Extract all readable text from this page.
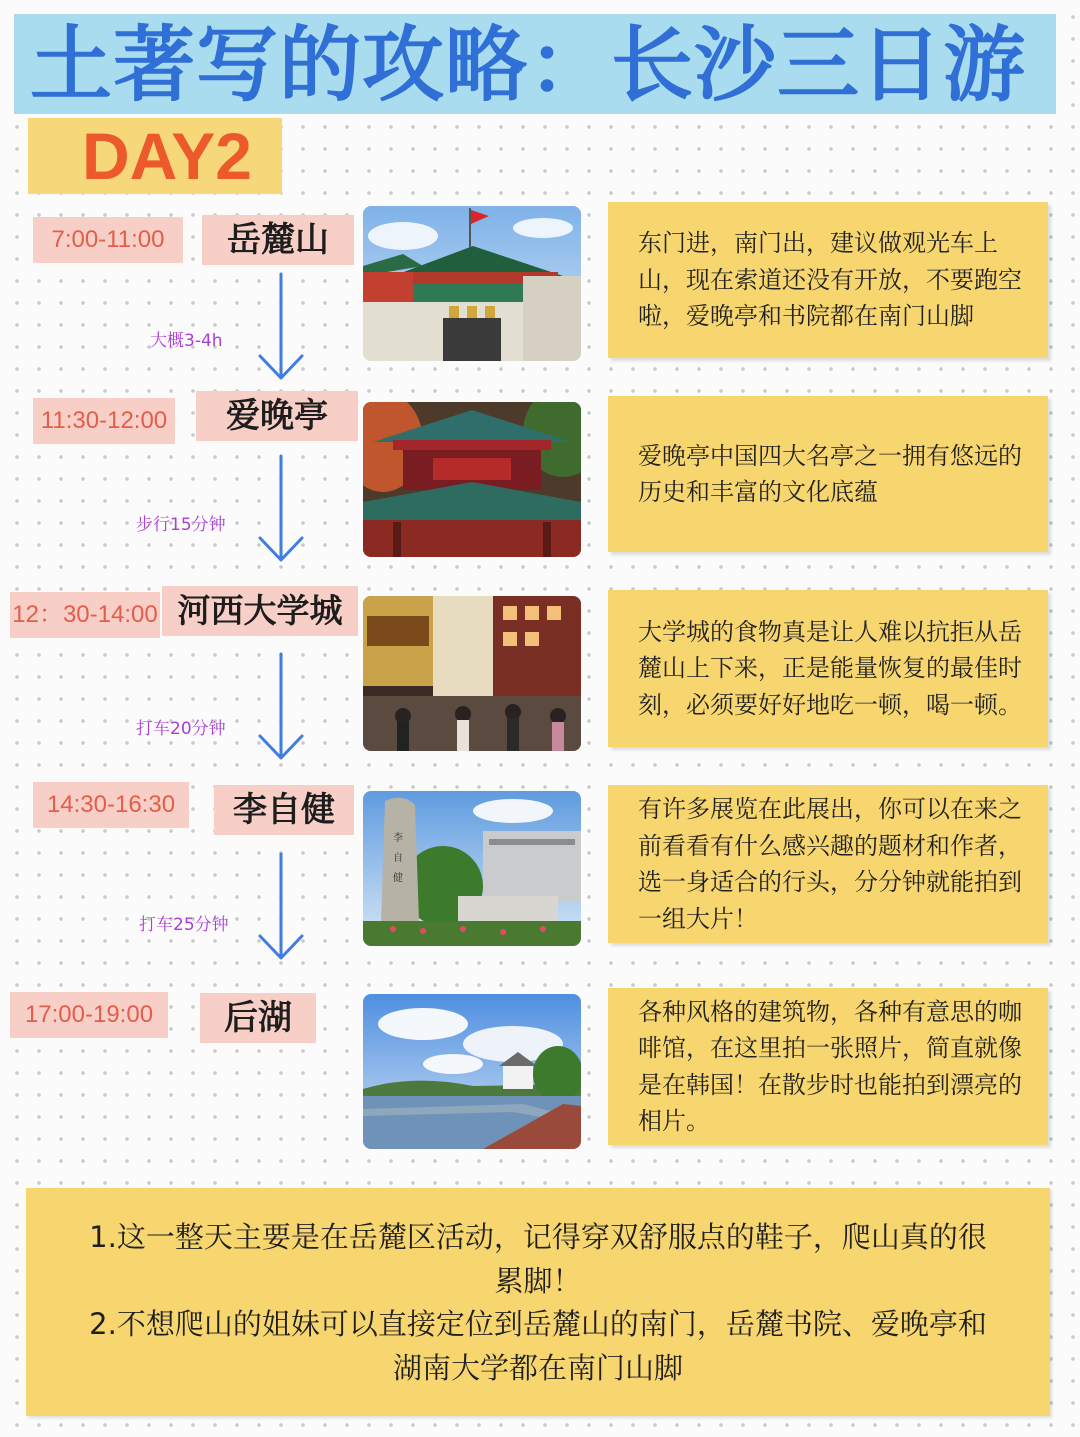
土著写的攻略：长沙三日游
DAY2
7:00-11:00	岳麓山
大概3-4h
东门进，南门出，建议做观光车上山，现在索道还没有开放，不要跑空啦，爱晚亭和书院都在南门山脚
11:30-12:00	爱晚亭
步行15分钟
爱晚亭中国四大名亭之一拥有悠远的历史和丰富的文化底蕴
12：30-14:00 河西大学城
打车20分钟
大学城的食物真是让人难以抗拒从岳麓山上下来，正是能量恢复的最佳时刻，必须要好好地吃一顿，喝一顿。
14:30-16:30	李自健
打车25分钟
李
自
健
有许多展览在此展出，你可以在来之前看看有什么感兴趣的题材和作者，选一身适合的行头，分分钟就能拍到一组大片！
17:00-19:00	后湖	各种风格的建筑物，各种有意思的咖啡馆，在这里拍一张照片，简直就像是在韩国！在散步时也能拍到漂亮的相片。

1.这一整天主要是在岳麓区活动，记得穿双舒服点的鞋子，爬山真的很累脚！

2.不想爬山的姐妹可以直接定位到岳麓山的南门，岳麓书院、爱晚亭和湖南大学都在南门山脚
